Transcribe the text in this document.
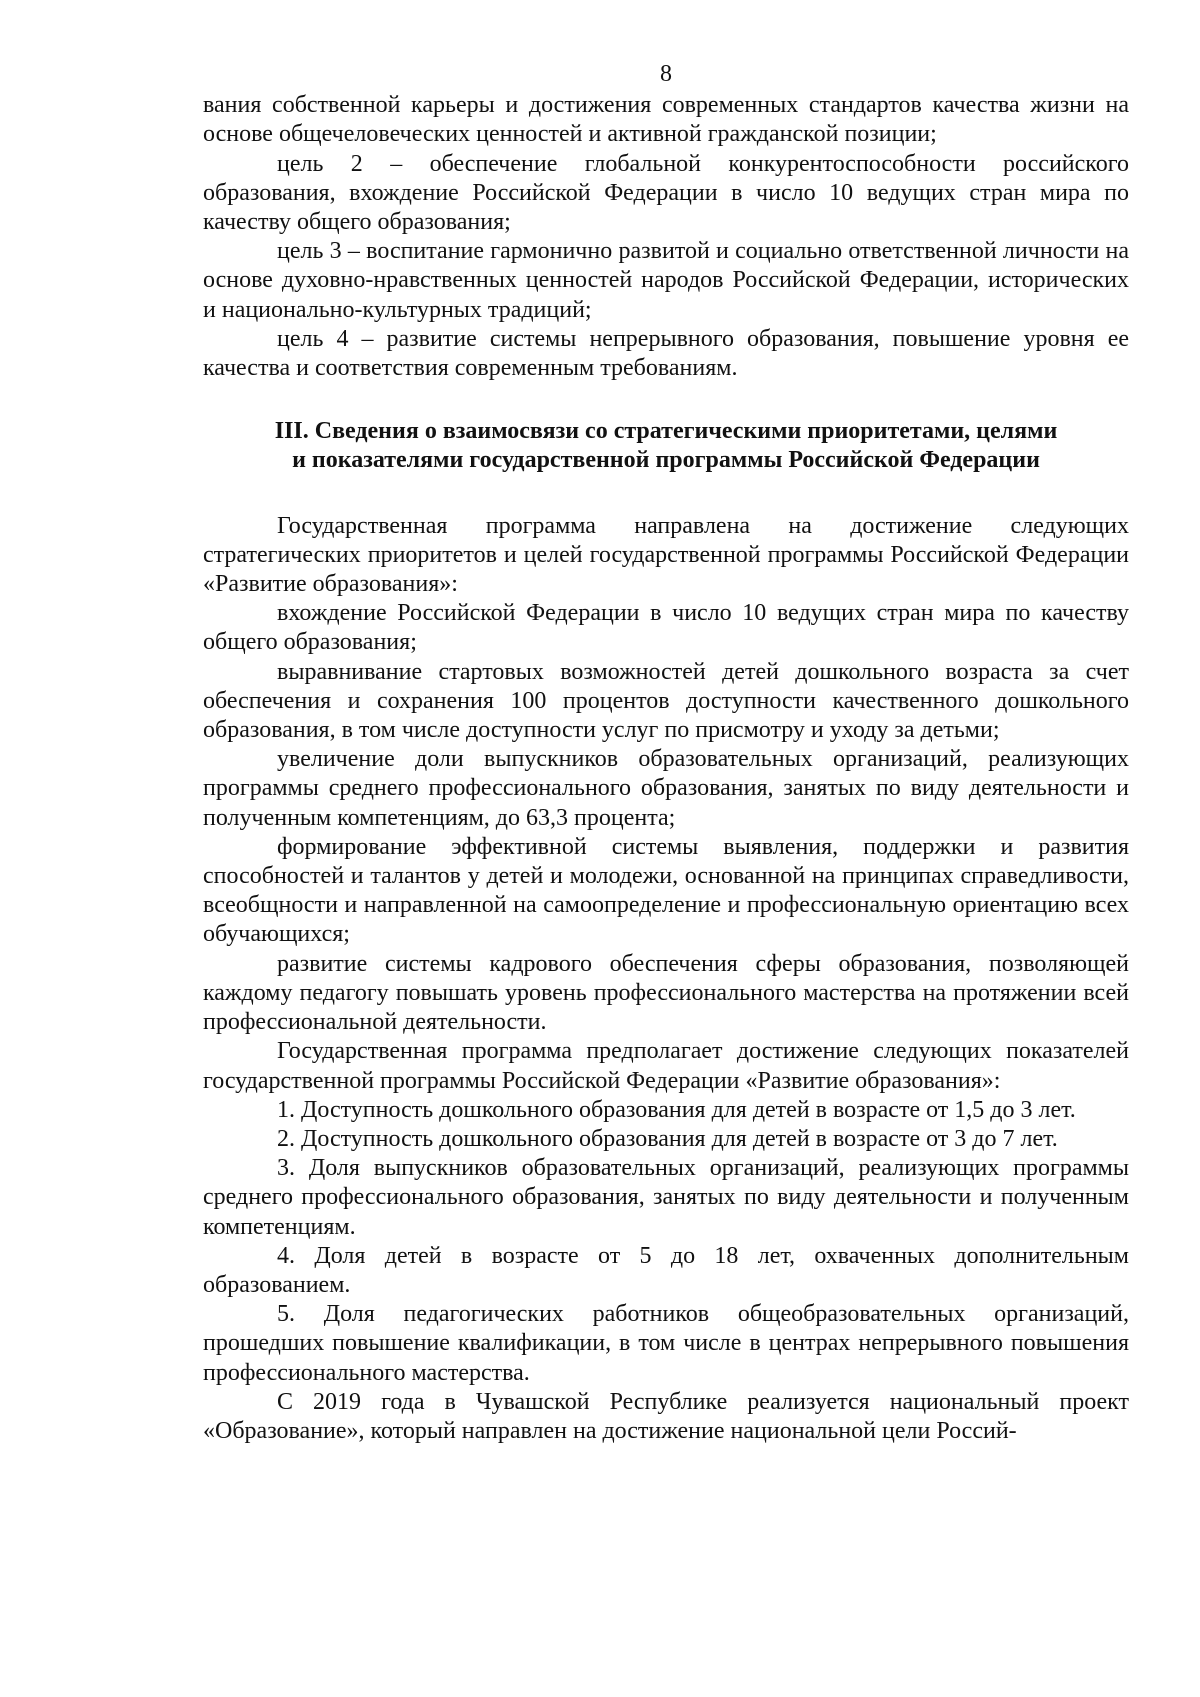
8

вания собственной карьеры и достижения современных стандартов качества жизни на основе общечеловеческих ценностей и активной гражданской позиции;

цель 2 – обеспечение глобальной конкурентоспособности российского образования, вхождение Российской Федерации в число 10 ведущих стран мира по качеству общего образования;

цель 3 – воспитание гармонично развитой и социально ответственной личности на основе духовно-нравственных ценностей народов Российской Федерации, исторических и национально-культурных традиций;

цель 4 – развитие системы непрерывного образования, повышение уровня ее качества и соответствия современным требованиям.

III. Сведения о взаимосвязи со стратегическими приоритетами, целями
и показателями государственной программы Российской Федерации

Государственная программа направлена на достижение следующих стратегических приоритетов и целей государственной программы Российской Федерации «Развитие образования»:

вхождение Российской Федерации в число 10 ведущих стран мира по качеству общего образования;

выравнивание стартовых возможностей детей дошкольного возраста за счет обеспечения и сохранения 100 процентов доступности качественного дошкольного образования, в том числе доступности услуг по присмотру и уходу за детьми;

увеличение доли выпускников образовательных организаций, реализующих программы среднего профессионального образования, занятых по виду деятельности и полученным компетенциям, до 63,3 процента;

формирование эффективной системы выявления, поддержки и развития способностей и талантов у детей и молодежи, основанной на принципах справедливости, всеобщности и направленной на самоопределение и профессиональную ориентацию всех обучающихся;

развитие системы кадрового обеспечения сферы образования, позволяющей каждому педагогу повышать уровень профессионального мастерства на протяжении всей профессиональной деятельности.

Государственная программа предполагает достижение следующих показателей государственной программы Российской Федерации «Развитие образования»:

1. Доступность дошкольного образования для детей в возрасте от 1,5 до 3 лет.

2. Доступность дошкольного образования для детей в возрасте от 3 до 7 лет.

3. Доля выпускников образовательных организаций, реализующих программы среднего профессионального образования, занятых по виду деятельности и полученным компетенциям.

4. Доля детей в возрасте от 5 до 18 лет, охваченных дополнительным образованием.

5. Доля педагогических работников общеобразовательных организаций, прошедших повышение квалификации, в том числе в центрах непрерывного повышения профессионального мастерства.

С 2019 года в Чувашской Республике реализуется национальный проект «Образование», который направлен на достижение национальной цели Россий-
